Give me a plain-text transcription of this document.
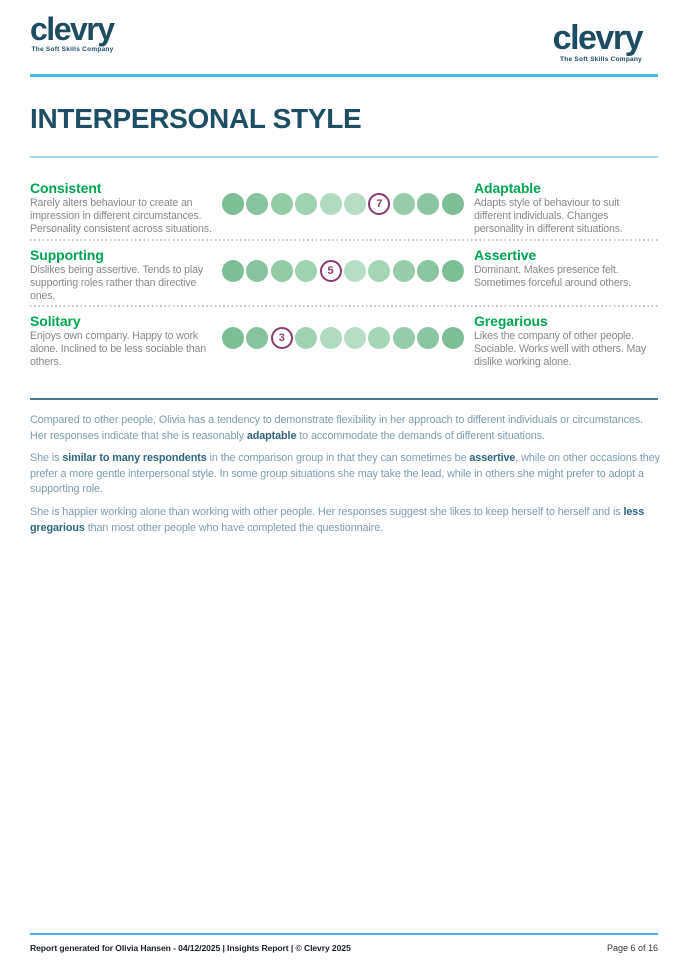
clevry
The Soft Skills Company	clevry
The Soft Skills Company
INTERPERSONAL STYLE
Consistent
Rarely alters behaviour to create an impression in different circumstances. Personality consistent across situations.
7
Adaptable
Adapts style of behaviour to suit different individuals. Changes personality in different situations.
Supporting
Dislikes being assertive. Tends to play supporting roles rather than directive ones.
5
Assertive
Dominant. Makes presence felt. Sometimes forceful around others.
Solitary
Enjoys own company. Happy to work alone. Inclined to be less sociable than others.
3
Gregarious
Likes the company of other people. Sociable. Works well with others. May dislike working alone.

Compared to other people, Olivia has a tendency to demonstrate flexibility in her approach to different individuals or circumstances. Her responses indicate that she is reasonably adaptable to accommodate the demands of different situations.

She is similar to many respondents in the comparison group in that they can sometimes be assertive, while on other occasions they prefer a more gentle interpersonal style. In some group situations she may take the lead, while in others she might prefer to adopt a supporting role.

She is happier working alone than working with other people. Her responses suggest she likes to keep herself to herself and is less gregarious than most other people who have completed the questionnaire.

Report generated for Olivia Hansen - 04/12/2025 | Insights Report | © Clevry 2025	Page 6 of 16
